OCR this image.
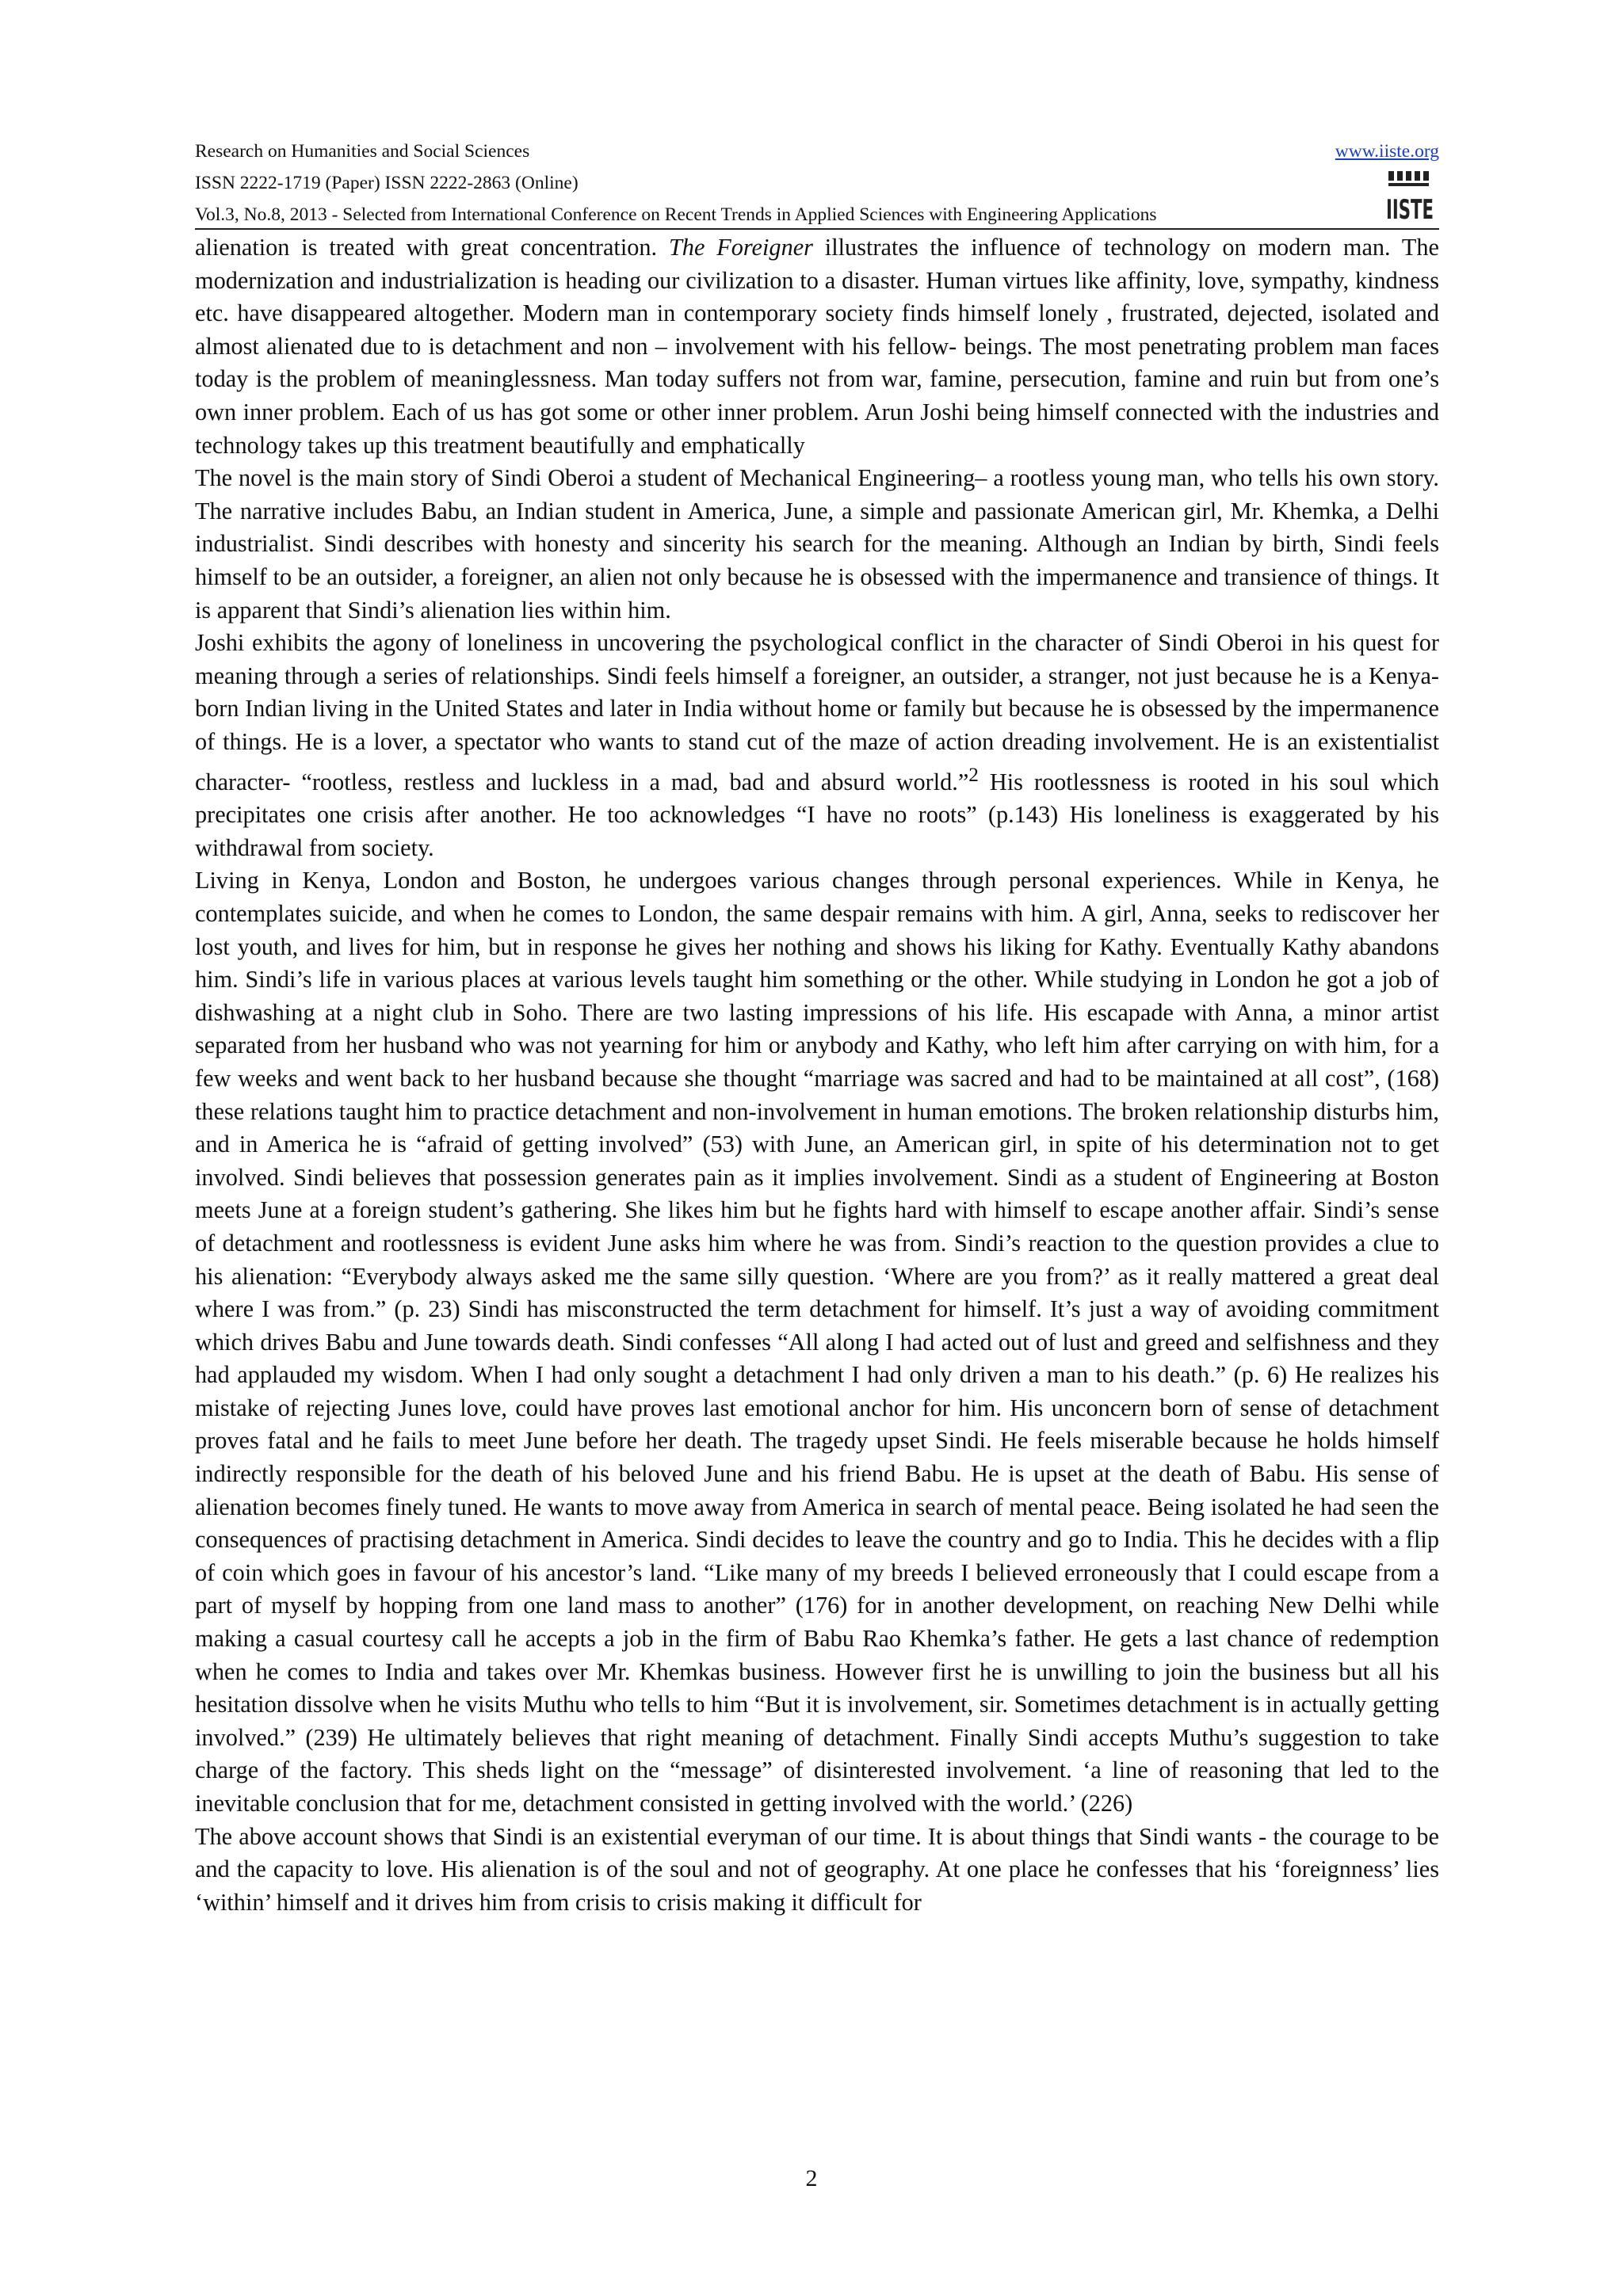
Research on Humanities and Social Sciences	www.iiste.org
ISSN 2222-1719 (Paper) ISSN 2222-2863 (Online)
Vol.3, No.8, 2013 - Selected from International Conference on Recent Trends in Applied Sciences with Engineering Applications	IISTE

alienation is treated with great concentration. The Foreigner illustrates the influence of technology on modern man. The modernization and industrialization is heading our civilization to a disaster. Human virtues like affinity, love, sympathy, kindness etc. have disappeared altogether. Modern man in contemporary society finds himself lonely , frustrated, dejected, isolated and almost alienated due to is detachment and non – involvement with his fellow- beings. The most penetrating problem man faces today is the problem of meaninglessness. Man today suffers not from war, famine, persecution, famine and ruin but from one’s own inner problem. Each of us has got some or other inner problem. Arun Joshi being himself connected with the industries and technology takes up this treatment beautifully and emphatically

The novel is the main story of Sindi Oberoi a student of Mechanical Engineering– a rootless young man, who tells his own story. The narrative includes Babu, an Indian student in America, June, a simple and passionate American girl, Mr. Khemka, a Delhi industrialist. Sindi describes with honesty and sincerity his search for the meaning. Although an Indian by birth, Sindi feels himself to be an outsider, a foreigner, an alien not only because he is obsessed with the impermanence and transience of things. It is apparent that Sindi’s alienation lies within him.

Joshi exhibits the agony of loneliness in uncovering the psychological conflict in the character of Sindi Oberoi in his quest for meaning through a series of relationships. Sindi feels himself a foreigner, an outsider, a stranger, not just because he is a Kenya-born Indian living in the United States and later in India without home or family but because he is obsessed by the impermanence of things. He is a lover, a spectator who wants to stand cut of the maze of action dreading involvement. He is an existentialist character- “rootless, restless and luckless in a mad, bad and absurd world.”$^2$ His rootlessness is rooted in his soul which precipitates one crisis after another. He too acknowledges “I have no roots” (p.143) His loneliness is exaggerated by his withdrawal from society.

Living in Kenya, London and Boston, he undergoes various changes through personal experiences. While in Kenya, he contemplates suicide, and when he comes to London, the same despair remains with him. A girl, Anna, seeks to rediscover her lost youth, and lives for him, but in response he gives her nothing and shows his liking for Kathy. Eventually Kathy abandons him. Sindi’s life in various places at various levels taught him something or the other. While studying in London he got a job of dishwashing at a night club in Soho. There are two lasting impressions of his life. His escapade with Anna, a minor artist separated from her husband who was not yearning for him or anybody and Kathy, who left him after carrying on with him, for a few weeks and went back to her husband because she thought “marriage was sacred and had to be maintained at all cost”, (168) these relations taught him to practice detachment and non-involvement in human emotions. The broken relationship disturbs him, and in America he is “afraid of getting involved” (53) with June, an American girl, in spite of his determination not to get involved. Sindi believes that possession generates pain as it implies involvement. Sindi as a student of Engineering at Boston meets June at a foreign student’s gathering. She likes him but he fights hard with himself to escape another affair. Sindi’s sense of detachment and rootlessness is evident June asks him where he was from. Sindi’s reaction to the question provides a clue to his alienation: “Everybody always asked me the same silly question. ‘Where are you from?’ as it really mattered a great deal where I was from.” (p. 23) Sindi has misconstructed the term detachment for himself. It’s just a way of avoiding commitment which drives Babu and June towards death. Sindi confesses “All along I had acted out of lust and greed and selfishness and they had applauded my wisdom. When I had only sought a detachment I had only driven a man to his death.” (p. 6) He realizes his mistake of rejecting Junes love, could have proves last emotional anchor for him. His unconcern born of sense of detachment proves fatal and he fails to meet June before her death. The tragedy upset Sindi. He feels miserable because he holds himself indirectly responsible for the death of his beloved June and his friend Babu. He is upset at the death of Babu. His sense of alienation becomes finely tuned. He wants to move away from America in search of mental peace. Being isolated he had seen the consequences of practising detachment in America. Sindi decides to leave the country and go to India. This he decides with a flip of coin which goes in favour of his ancestor’s land. “Like many of my breeds I believed erroneously that I could escape from a part of myself by hopping from one land mass to another” (176) for in another development, on reaching New Delhi while making a casual courtesy call he accepts a job in the firm of Babu Rao Khemka’s father. He gets a last chance of redemption when he comes to India and takes over Mr. Khemkas business. However first he is unwilling to join the business but all his hesitation dissolve when he visits Muthu who tells to him “But it is involvement, sir. Sometimes detachment is in actually getting involved.” (239) He ultimately believes that right meaning of detachment. Finally Sindi accepts Muthu’s suggestion to take charge of the factory. This sheds light on the “message” of disinterested involvement. ‘a line of reasoning that led to the inevitable conclusion that for me, detachment consisted in getting involved with the world.’ (226)

The above account shows that Sindi is an existential everyman of our time. It is about things that Sindi wants - the courage to be and the capacity to love. His alienation is of the soul and not of geography. At one place he confesses that his ‘foreignness’ lies ‘within’ himself and it drives him from crisis to crisis making it difficult for

2
